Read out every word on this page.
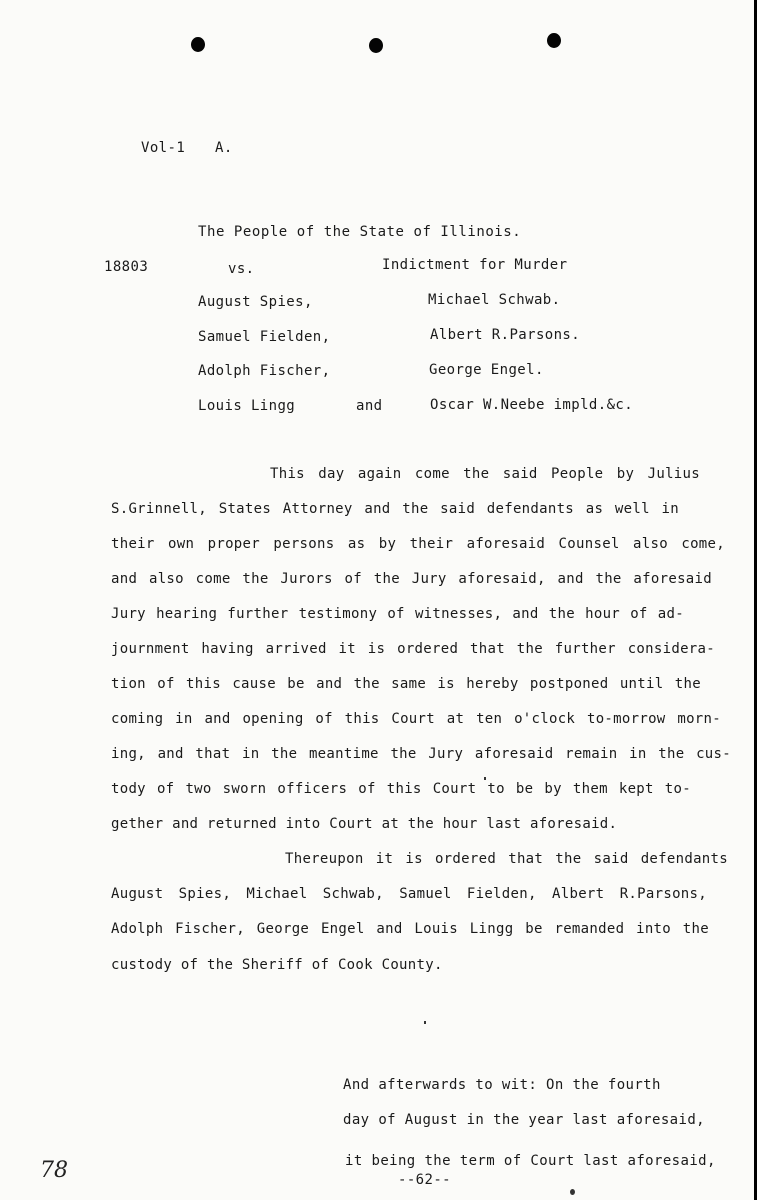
Vol-1 A.
The People of the State of Illinois.
18803	vs.	Indictment for Murder
August Spies,	Michael Schwab.
Samuel Fielden,	Albert R.Parsons.
Adolph Fischer,	George Engel.
Louis Lingg	and	Oscar W.Neebe impld.&c.
This day again come the said People by Julius
S.Grinnell, States Attorney and the said defendants as well in
their own proper persons as by their aforesaid Counsel also come,
and also come the Jurors of the Jury aforesaid, and the aforesaid
Jury hearing further testimony of witnesses, and the hour of ad-
journment having arrived it is ordered that the further considera-
tion of this cause be and the same is hereby postponed until the
coming in and opening of this Court at ten o'clock to-morrow morn-
ing, and that in the meantime the Jury aforesaid remain in the cus-
tody of two sworn officers of this Court to be by them kept to-
gether and returned into Court at the hour last aforesaid.
Thereupon it is ordered that the said defendants
August Spies, Michael Schwab, Samuel Fielden, Albert R.Parsons,
Adolph Fischer, George Engel and Louis Lingg be remanded into the
custody of the Sheriff of Cook County.
And afterwards to wit: On the fourth
day of August in the year last aforesaid,
it being the term of Court last aforesaid,
--62--
78
